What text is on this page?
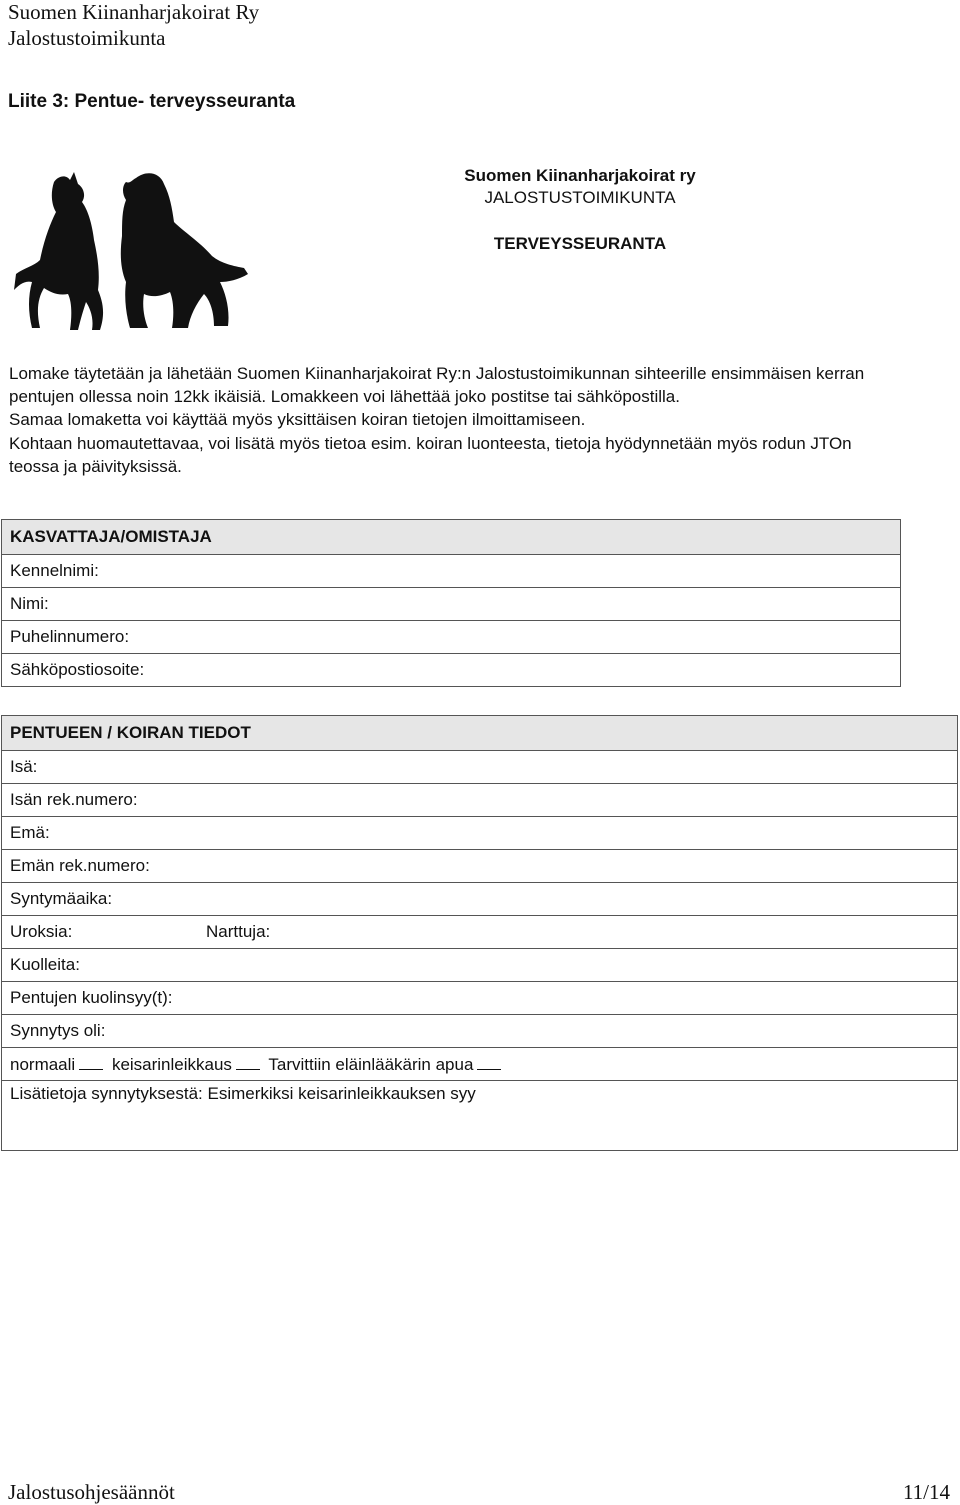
Suomen Kiinanharjakoirat Ry
Jalostustoimikunta
Liite 3: Pentue- terveysseuranta
Suomen Kiinanharjakoirat ry
JALOSTUSTOIMIKUNTA
TERVEYSSEURANTA

Lomake täytetään ja lähetään Suomen Kiinanharjakoirat Ry:n Jalostustoimikunnan sihteerille ensimmäisen kerran pentujen ollessa noin 12kk ikäisiä. Lomakkeen voi lähettää joko postitse tai sähköpostilla.

Samaa lomaketta voi käyttää myös yksittäisen koiran tietojen ilmoittamiseen.

Kohtaan huomautettavaa, voi lisätä myös tietoa esim. koiran luonteesta, tietoja hyödynnetään myös rodun JTOn teossa ja päivityksissä.

KASVATTAJA/OMISTAJA
Kennelnimi:
Nimi:
Puhelinnumero:
Sähköpostiosoite:
PENTUEEN / KOIRAN TIEDOT
Isä:
Isän rek.numero:
Emä:
Emän rek.numero:
Syntymäaika:
Uroksia:	Narttuja:
Kuolleita:
Pentujen kuolinsyy(t):
Synnytys oli:
normaali keisarinleikkaus Tarvittiin eläinlääkärin apua
Lisätietoja synnytyksestä: Esimerkiksi keisarinleikkauksen syy
Jalostusohjesäännöt	11/14
